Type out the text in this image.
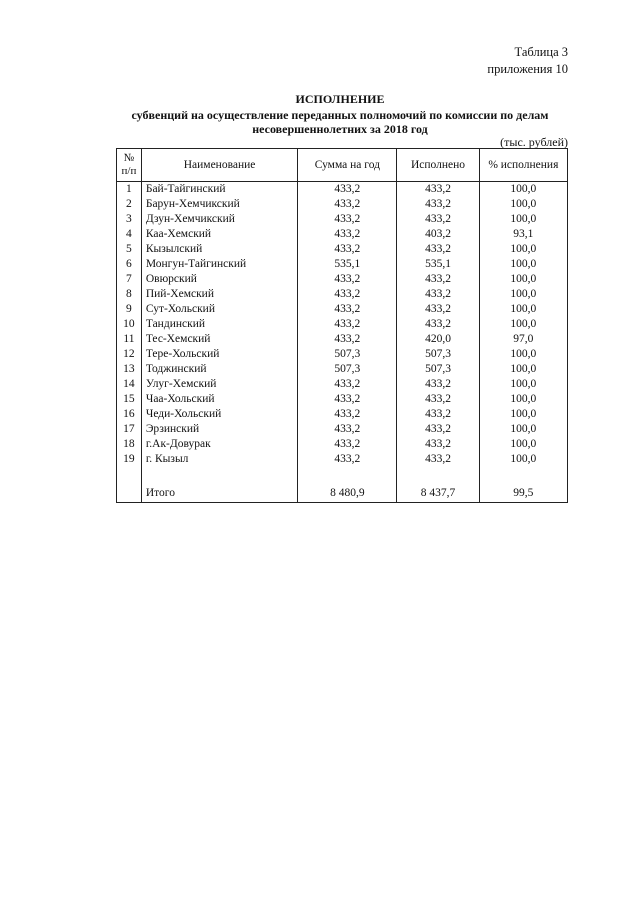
Таблица 3
приложения 10
ИСПОЛНЕНИЕ
субвенций на осуществление переданных полномочий по комиссии по делам
несовершеннолетних за 2018 год
(тыс. рублей)
№
п/п	Наименование	Сумма на год	Исполнено	% исполнения
1	Бай-Тайгинский	433,2	433,2	100,0
2	Барун-Хемчикский	433,2	433,2	100,0
3	Дзун-Хемчикский	433,2	433,2	100,0
4	Каа-Хемский	433,2	403,2	93,1
5	Кызылский	433,2	433,2	100,0
6	Монгун-Тайгинский	535,1	535,1	100,0
7	Овюрский	433,2	433,2	100,0
8	Пий-Хемский	433,2	433,2	100,0
9	Сут-Хольский	433,2	433,2	100,0
10	Тандинский	433,2	433,2	100,0
11	Тес-Хемский	433,2	420,0	97,0
12	Тере-Хольский	507,3	507,3	100,0
13	Тоджинский	507,3	507,3	100,0
14	Улуг-Хемский	433,2	433,2	100,0
15	Чаа-Хольский	433,2	433,2	100,0
16	Чеди-Хольский	433,2	433,2	100,0
17	Эрзинский	433,2	433,2	100,0
18	г.Ак-Довурак	433,2	433,2	100,0
19	г. Кызыл	433,2	433,2	100,0

	Итого	8 480,9	8 437,7	99,5
